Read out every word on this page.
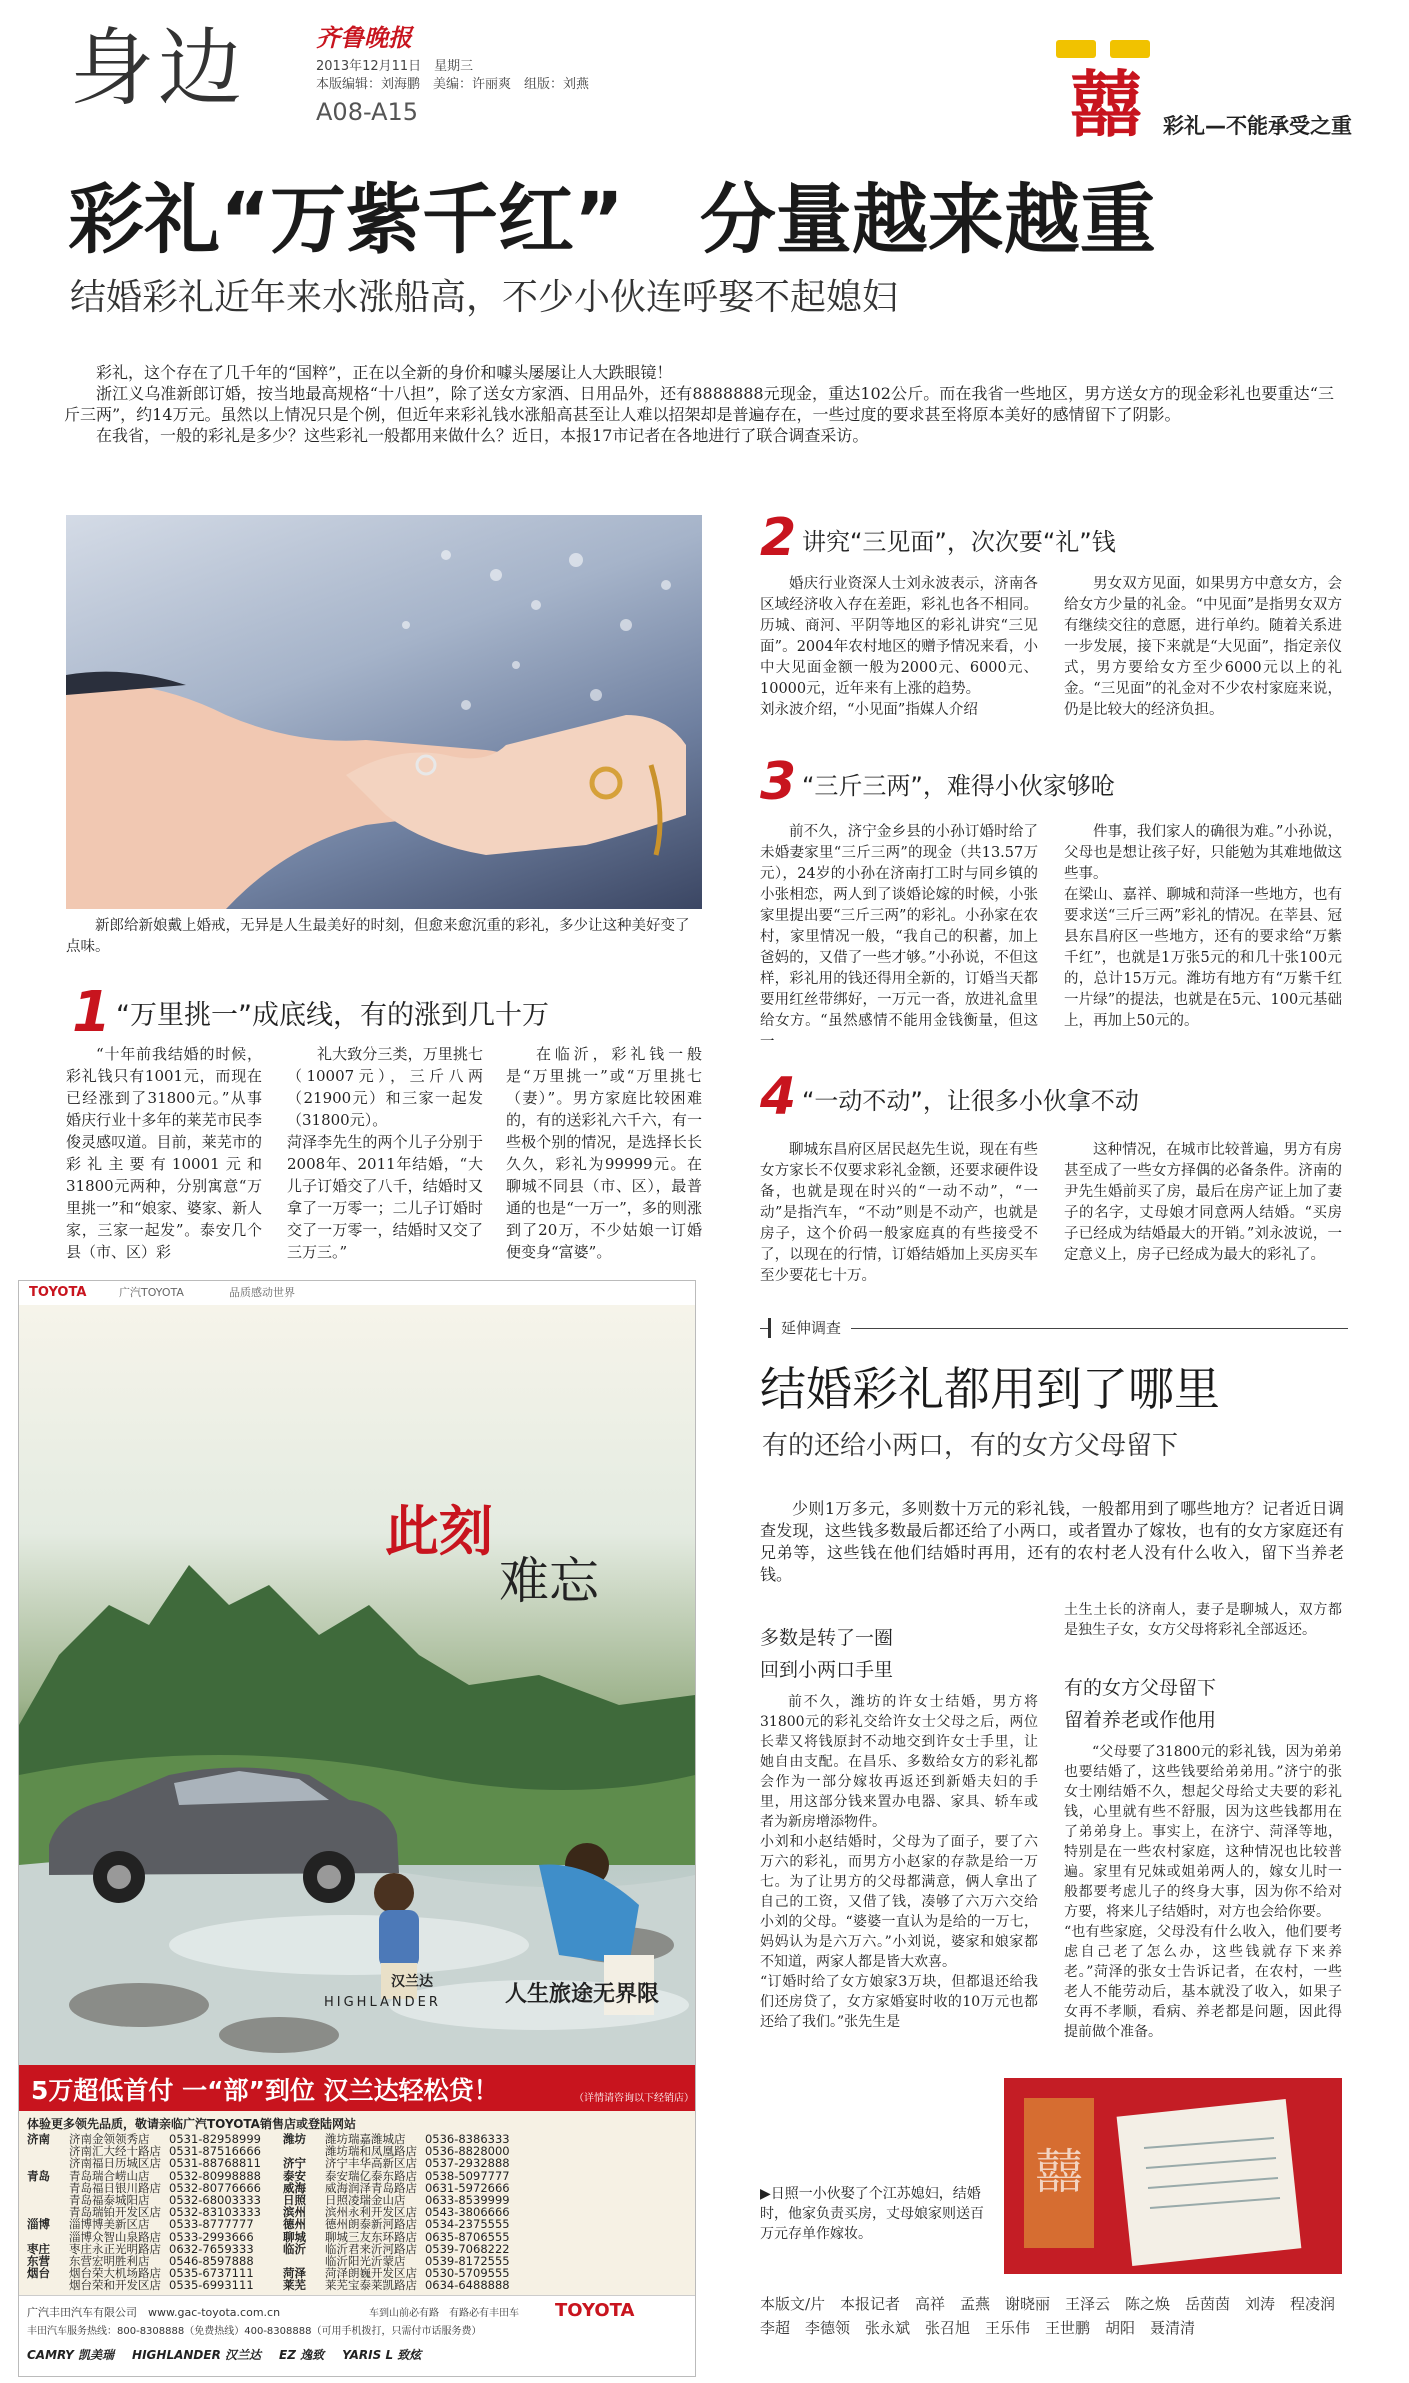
身边	齐鲁晚报
2013年12月11日　星期三
本版编辑：刘海鹏　美编：许丽爽　组版：刘燕
A08-A15	囍 彩礼—不能承受之重
彩礼“万紫千红”　分量越来越重
结婚彩礼近年来水涨船高，不少小伙连呼娶不起媳妇

彩礼，这个存在了几千年的“国粹”，正在以全新的身价和噱头屡屡让人大跌眼镜！

浙江义乌准新郎订婚，按当地最高规格“十八担”，除了送女方家酒、日用品外，还有8888888元现金，重达102公斤。而在我省一些地区，男方送女方的现金彩礼也要重达“三斤三两”，约14万元。虽然以上情况只是个例，但近年来彩礼钱水涨船高甚至让人难以招架却是普遍存在，一些过度的要求甚至将原本美好的感情留下了阴影。

在我省，一般的彩礼是多少？这些彩礼一般都用来做什么？近日，本报17市记者在各地进行了联合调查采访。

新郎给新娘戴上婚戒，无异是人生最美好的时刻，但愈来愈沉重的彩礼，多少让这种美好变了点味。
1 “万里挑一”成底线，有的涨到几十万
“十年前我结婚的时候，彩礼钱只有1001元，而现在已经涨到了31800元。”从事婚庆行业十多年的莱芜市民李俊灵感叹道。目前，莱芜市的彩礼主要有10001元和31800元两种，分别寓意“万里挑一”和“娘家、婆家、新人家，三家一起发”。泰安几个县（市、区）彩
礼大致分三类，万里挑七（10007元），三斤八两（21900元）和三家一起发（31800元）。
菏泽李先生的两个儿子分别于2008年、2011年结婚，“大儿子订婚交了八千，结婚时又拿了一万零一；二儿子订婚时交了一万零一，结婚时又交了三万三。”
在临沂，彩礼钱一般是“万里挑一”或“万里挑七（妻）”。男方家庭比较困难的，有的送彩礼六千六，有一些极个别的情况，是选择长长久久，彩礼为99999元。在聊城不同县（市、区），最普通的也是“一万一”，多的则涨到了20万，不少姑娘一订婚便变身“富婆”。
2 讲究“三见面”，次次要“礼”钱
婚庆行业资深人士刘永波表示，济南各区域经济收入存在差距，彩礼也各不相同。历城、商河、平阴等地区的彩礼讲究“三见面”。2004年农村地区的赠予情况来看，小中大见面金额一般为2000元、6000元、10000元，近年来有上涨的趋势。
刘永波介绍，“小见面”指媒人介绍
男女双方见面，如果男方中意女方，会给女方少量的礼金。“中见面”是指男女双方有继续交往的意愿，进行单约。随着关系进一步发展，接下来就是“大见面”，指定亲仪式，男方要给女方至少6000元以上的礼金。“三见面”的礼金对不少农村家庭来说，仍是比较大的经济负担。
3 “三斤三两”，难得小伙家够呛
前不久，济宁金乡县的小孙订婚时给了未婚妻家里“三斤三两”的现金（共13.57万元），24岁的小孙在济南打工时与同乡镇的小张相恋，两人到了谈婚论嫁的时候，小张家里提出要“三斤三两”的彩礼。小孙家在农村，家里情况一般，“我自己的积蓄，加上爸妈的，又借了一些才够。”小孙说，不但这样，彩礼用的钱还得用全新的，订婚当天都要用红丝带绑好，一万元一沓，放进礼盒里给女方。“虽然感情不能用金钱衡量，但这一
件事，我们家人的确很为难。”小孙说，父母也是想让孩子好，只能勉为其难地做这些事。
在梁山、嘉祥、聊城和菏泽一些地方，也有要求送“三斤三两”彩礼的情况。在莘县、冠县东昌府区一些地方，还有的要求给“万紫千红”，也就是1万张5元的和几十张100元的，总计15万元。潍坊有地方有“万紫千红一片绿”的提法，也就是在5元、100元基础上，再加上50元的。
4 “一动不动”，让很多小伙拿不动
聊城东昌府区居民赵先生说，现在有些女方家长不仅要求彩礼金额，还要求硬件设备，也就是现在时兴的“一动不动”，“一动”是指汽车，“不动”则是不动产，也就是房子，这个价码一般家庭真的有些接受不了，以现在的行情，订婚结婚加上买房买车至少要花七十万。
这种情况，在城市比较普遍，男方有房甚至成了一些女方择偶的必备条件。济南的尹先生婚前买了房，最后在房产证上加了妻子的名字，丈母娘才同意两人结婚。“买房子已经成为结婚最大的开销。”刘永波说，一定意义上，房子已经成为最大的彩礼了。
延伸调查
结婚彩礼都用到了哪里
有的还给小两口，有的女方父母留下
少则1万多元，多则数十万元的彩礼钱，一般都用到了哪些地方？记者近日调查发现，这些钱多数最后都还给了小两口，或者置办了嫁妆，也有的女方家庭还有兄弟等，这些钱在他们结婚时再用，还有的农村老人没有什么收入，留下当养老钱。
多数是转了一圈
回到小两口手里
前不久，潍坊的许女士结婚，男方将31800元的彩礼交给许女士父母之后，两位长辈又将钱原封不动地交到许女士手里，让她自由支配。在昌乐、多数给女方的彩礼都会作为一部分嫁妆再返还到新婚夫妇的手里，用这部分钱来置办电器、家具、轿车或者为新房增添物件。
小刘和小赵结婚时，父母为了面子，要了六万六的彩礼，而男方小赵家的存款是给一万七。为了让男方的父母都满意，俩人拿出了自己的工资，又借了钱，凑够了六万六交给小刘的父母。“婆婆一直认为是给的一万七，妈妈认为是六万六。”小刘说，婆家和娘家都不知道，两家人都是皆大欢喜。
“订婚时给了女方娘家3万块，但都退还给我们还房贷了，女方家婚宴时收的10万元也都还给了我们。”张先生是
土生土长的济南人，妻子是聊城人，双方都是独生子女，女方父母将彩礼全部返还。
有的女方父母留下
留着养老或作他用
“父母要了31800元的彩礼钱，因为弟弟也要结婚了，这些钱要给弟弟用。”济宁的张女士刚结婚不久，想起父母给丈夫要的彩礼钱，心里就有些不舒服，因为这些钱都用在了弟弟身上。事实上，在济宁、菏泽等地，特别是在一些农村家庭，这种情况也比较普遍。家里有兄妹或姐弟两人的，嫁女儿时一般都要考虑儿子的终身大事，因为你不给对方要，将来儿子结婚时，对方也会给你要。
“也有些家庭，父母没有什么收入，他们要考虑自己老了怎么办，这些钱就存下来养老。”菏泽的张女士告诉记者，在农村，一些老人不能劳动后，基本就没了收入，如果子女再不孝顺，看病、养老都是问题，因此得提前做个准备。
囍
▶日照一小伙娶了个江苏媳妇，结婚时，他家负责买房，丈母娘家则送百万元存单作嫁妆。
本版文/片　本报记者　高祥　孟燕　谢晓丽　王泽云　陈之焕　岳茵茵　刘涛　程凌润　李超　李德领　张永斌　张召旭　王乐伟　王世鹏　胡阳　聂清清
TOYOTA	广汽TOYOTA	品质感动世界
此刻
难忘
HIGHLANDER
汉兰达	人生旅途无界限
5万超低首付 一“部”到位 汉兰达轻松贷！	（详情请咨询以下经销店）
体验更多领先品质，敬请亲临广汽TOYOTA销售店或登陆网站
济南	济南金领领秀店	0531-82958999	潍坊	潍坊瑞嘉潍城店	0536-8386333
	济南汇大经十路店	0531-87516666		潍坊瑞和凤凰路店	0536-8828000
	济南福日历城区店	0531-88768811	济宁	济宁丰华高新区店	0537-2932888
青岛	青岛瑞合崂山店	0532-80998888	泰安	泰安瑞亿泰东路店	0538-5097777
	青岛福日银川路店	0532-80776666	威海	威海润泽青岛路店	0631-5972666
	青岛福泰城阳店	0532-68003333	日照	日照凌瑞金山店	0633-8539999
	青岛瑞铂开发区店	0532-83103333	滨州	滨州永利开发区店	0543-3806666
淄博	淄博博美新区店	0533-8777777	德州	德州朗泰新河路店	0534-2375555
	淄博众智山泉路店	0533-2993666	聊城	聊城三友东环路店	0635-8706555
枣庄	枣庄永正光明路店	0632-7659333	临沂	临沂君来沂河路店	0539-7068222
东营	东营宏明胜利店	0546-8597888		临沂阳光沂蒙店	0539-8172555
烟台	烟台荣大机场路店	0535-6737111	菏泽	菏泽朗巍开发区店	0530-5709555
	烟台荣和开发区店	0535-6993111	莱芜	莱芜宝泰莱凯路店	0634-6488888
广汽丰田汽车有限公司　www.gac-toyota.com.cn
丰田汽车服务热线：800-8308888（免费热线）400-8308888（可用手机拨打，只需付市话服务费）
车到山前必有路　有路必有丰田车 TOYOTA
CAMRY 凯美瑞 HIGHLANDER 汉兰达 EZ 逸致 YARIS L 致炫
